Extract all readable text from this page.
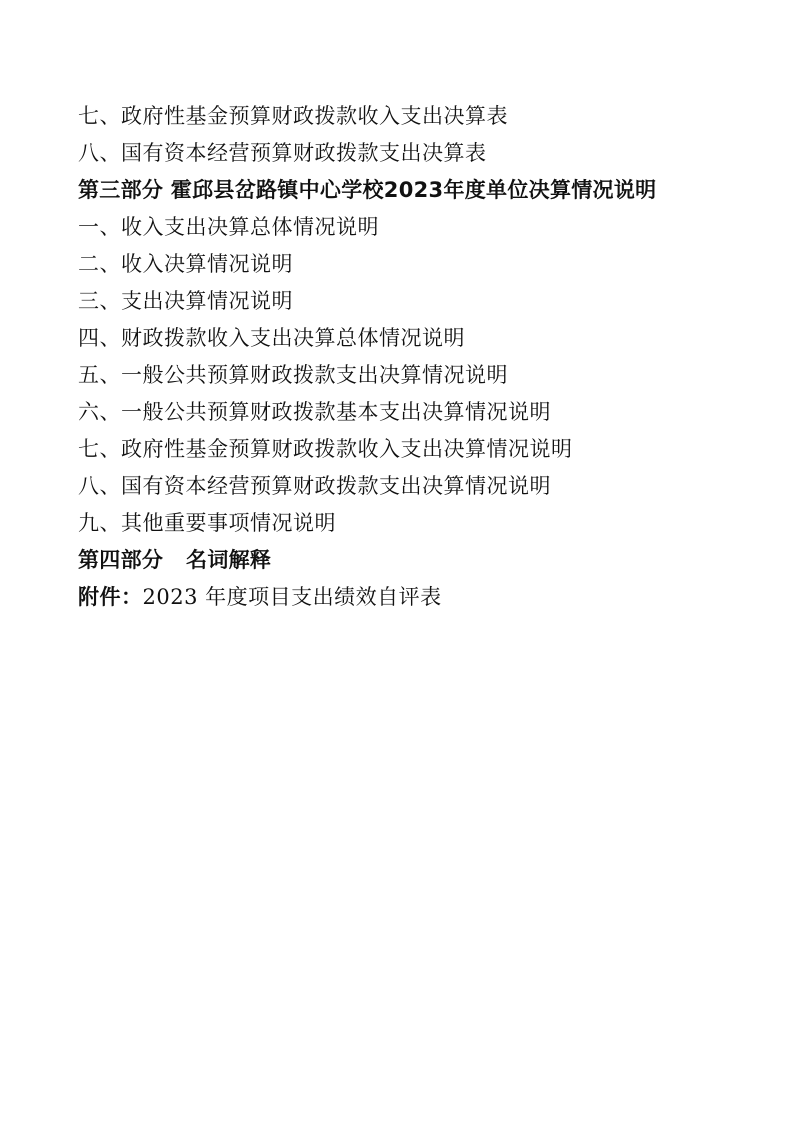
七、政府性基金预算财政拨款收入支出决算表
八、国有资本经营预算财政拨款支出决算表
第三部分 霍邱县岔路镇中心学校2023年度单位决算情况说明
一、收入支出决算总体情况说明
二、收入决算情况说明
三、支出决算情况说明
四、财政拨款收入支出决算总体情况说明
五、一般公共预算财政拨款支出决算情况说明
六、一般公共预算财政拨款基本支出决算情况说明
七、政府性基金预算财政拨款收入支出决算情况说明
八、国有资本经营预算财政拨款支出决算情况说明
九、其他重要事项情况说明
第四部分   名词解释
附件：2023 年度项目支出绩效自评表
